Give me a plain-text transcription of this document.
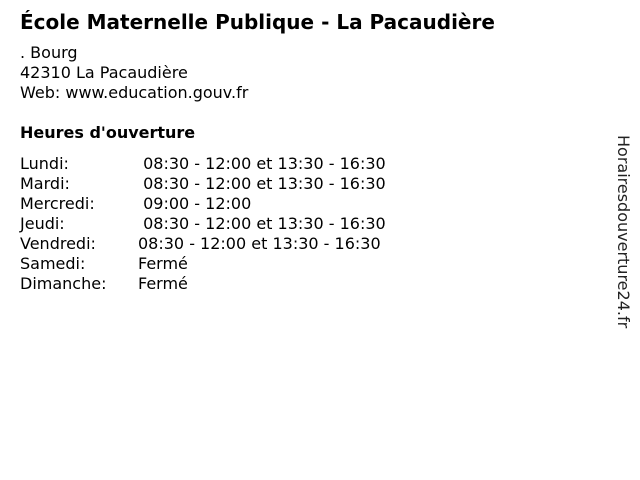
École Maternelle Publique - La Pacaudière
. Bourg
42310 La Pacaudière
Web: www.education.gouv.fr
Heures d'ouverture
Lundi:	08:30 - 12:00 et 13:30 - 16:30
Mardi:	08:30 - 12:00 et 13:30 - 16:30
Mercredi:	09:00 - 12:00
Jeudi:	08:30 - 12:00 et 13:30 - 16:30
Vendredi:	08:30 - 12:00 et 13:30 - 16:30
Samedi:	Fermé
Dimanche:	Fermé	Horairesdouverture24.fr
